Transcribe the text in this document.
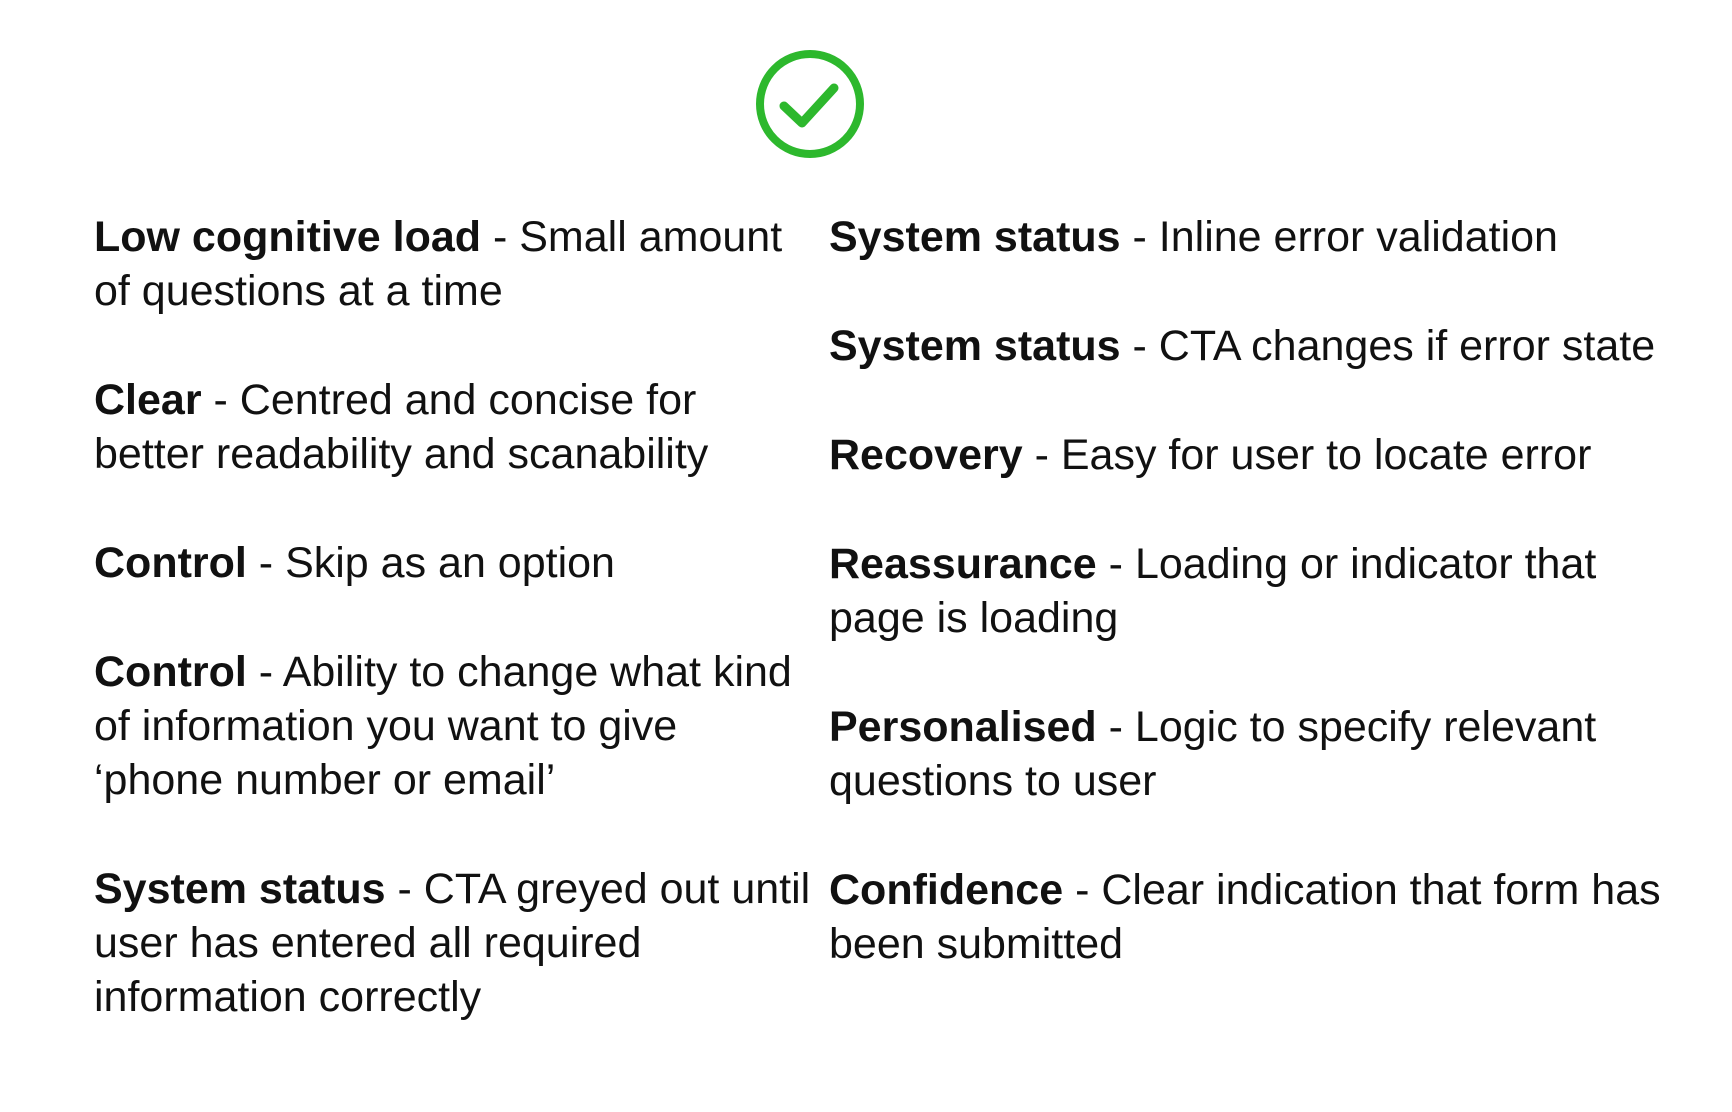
Low cognitive load - Small amount of questions at a time

Clear - Centred and concise for better readability and scanability

Control - Skip as an option

Control - Ability to change what kind of information you want to give ‘phone number or email’

System status - CTA greyed out until user has entered all required information correctly

System status - Inline error validation

System status - CTA changes if error state

Recovery - Easy for user to locate error

Reassurance - Loading or indicator that page is loading

Personalised - Logic to specify relevant questions to user

Confidence - Clear indication that form has been submitted
